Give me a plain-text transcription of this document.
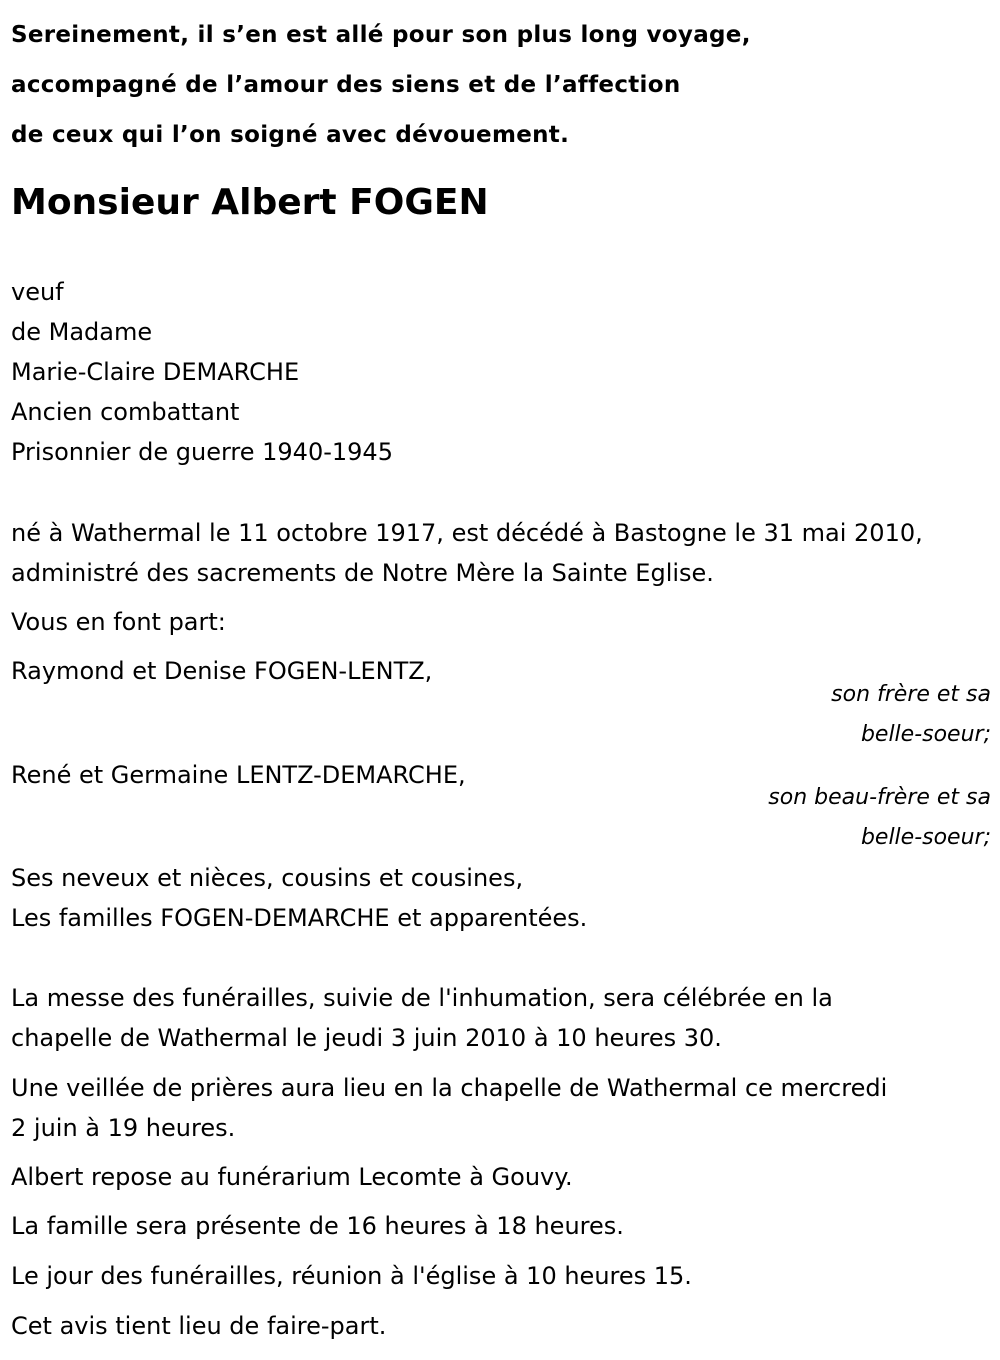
Sereinement, il s’en est allé pour son plus long voyage,
accompagné de l’amour des siens et de l’affection
de ceux qui l’on soigné avec dévouement.
Monsieur Albert FOGEN
veuf
de Madame
Marie-Claire DEMARCHE
Ancien combattant
Prisonnier de guerre 1940-1945
né à Wathermal le 11 octobre 1917, est décédé à Bastogne le 31 mai 2010,
administré des sacrements de Notre Mère la Sainte Eglise.
Vous en font part:
Raymond et Denise FOGEN-LENTZ,
son frère et sa
belle-soeur;
René et Germaine LENTZ-DEMARCHE,
son beau-frère et sa
belle-soeur;
Ses neveux et nièces, cousins et cousines,
Les familles FOGEN-DEMARCHE et apparentées.
La messe des funérailles, suivie de l'inhumation, sera célébrée en la
chapelle de Wathermal le jeudi 3 juin 2010 à 10 heures 30.
Une veillée de prières aura lieu en la chapelle de Wathermal ce mercredi
2 juin à 19 heures.
Albert repose au funérarium Lecomte à Gouvy.
La famille sera présente de 16 heures à 18 heures.
Le jour des funérailles, réunion à l'église à 10 heures 15.
Cet avis tient lieu de faire-part.
